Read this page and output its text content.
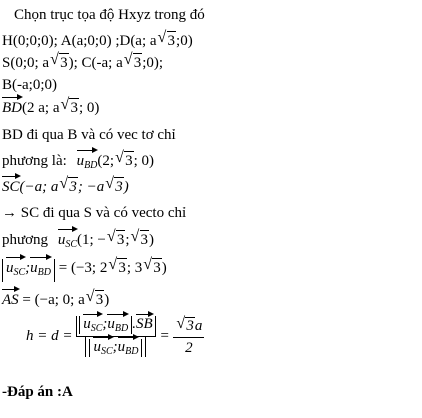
Chọn trục tọa độ Hxyz trong đó
H(0;0;0); A(a;0;0) ;D(a; a√ 3;0)
S(0;0; a√ 3); C(-a; a√ 3;0);
B(-a;0;0)
BD(2 a; a√ 3; 0)
BD đi qua B và có vec tơ chỉ
phương là: $u_{BD}(2;√$ 3; 0)
SC(−a; a√ 3; −a√ 3)
→ SC đi qua S và có vecto chỉ
phương $u_{SC}(1$; −√ 3;√ 3)
$u_{SC};u_{BD} = (-3$; 2√ 3; 3√ 3)
AS = (−a; 0; a√ 3)
$h = d = \frac{u_{SC};u_{BD} .SB}{u_{SC};u_{BD}}$ =
√ $\frac{3a}{2}$
-Đáp án :A
